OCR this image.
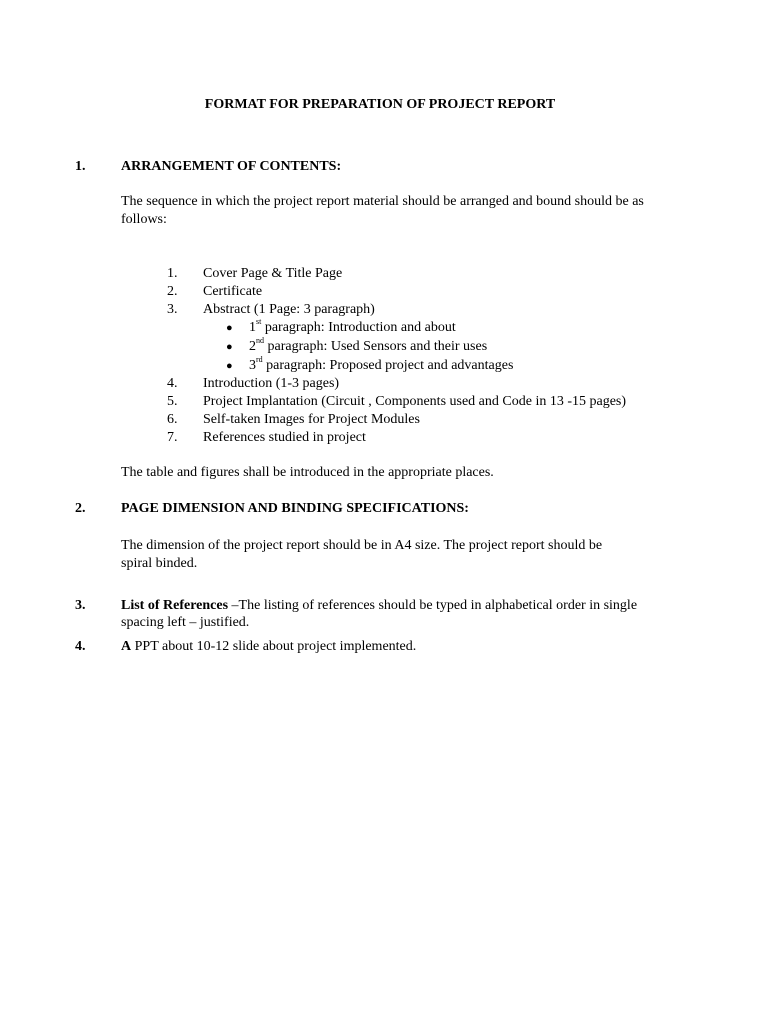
FORMAT FOR PREPARATION OF PROJECT REPORT
1.	ARRANGEMENT OF CONTENTS:
The sequence in which the project report material should be arranged and bound should be as
follows:
1. Cover Page & Title Page
2. Certificate
3. Abstract (1 Page: 3 paragraph)
● 1st paragraph: Introduction and about
● 2nd paragraph: Used Sensors and their uses
● 3rd paragraph: Proposed project and advantages
4. Introduction (1-3 pages)
5. Project Implantation (Circuit , Components used and Code in 13 -15 pages)
6. Self-taken Images for Project Modules
7. References studied in project
The table and figures shall be introduced in the appropriate places.
2.	PAGE DIMENSION AND BINDING SPECIFICATIONS:
The dimension of the project report should be in A4 size. The project report should be
spiral binded.
3.	List of References –The listing of references should be typed in alphabetical order in single
spacing left – justified.
4.	A PPT about 10-12 slide about project implemented.
